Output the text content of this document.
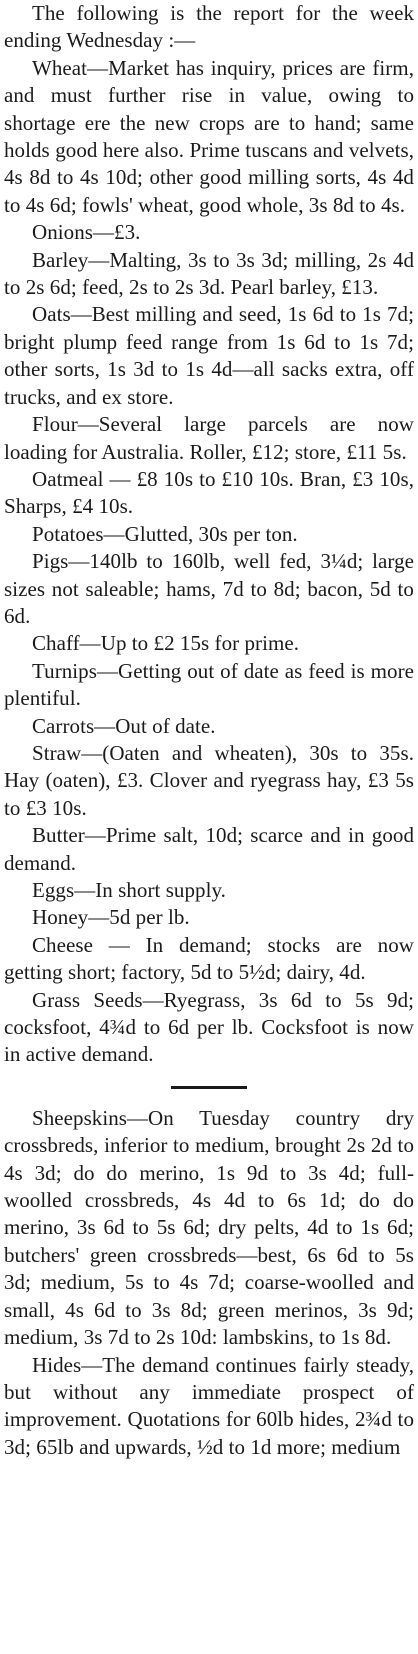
The following is the report for the week ending Wednesday :—

Wheat—Market has inquiry, prices are firm, and must further rise in value, owing to shortage ere the new crops are to hand; same holds good here also. Prime tuscans and velvets, 4s 8d to 4s 10d; other good milling sorts, 4s 4d to 4s 6d; fowls' wheat, good whole, 3s 8d to 4s.

Onions—£3.

Barley—Malting, 3s to 3s 3d; milling, 2s 4d to 2s 6d; feed, 2s to 2s 3d. Pearl barley, £13.

Oats—Best milling and seed, 1s 6d to 1s 7d; bright plump feed range from 1s 6d to 1s 7d; other sorts, 1s 3d to 1s 4d—all sacks extra, off trucks, and ex store.

Flour—Several large parcels are now loading for Australia. Roller, £12; store, £11 5s.

Oatmeal — £8 10s to £10 10s. Bran, £3 10s, Sharps, £4 10s.

Potatoes—Glutted, 30s per ton.

Pigs—140lb to 160lb, well fed, 3¼d; large sizes not saleable; hams, 7d to 8d; bacon, 5d to 6d.

Chaff—Up to £2 15s for prime.

Turnips—Getting out of date as feed is more plentiful.

Carrots—Out of date.

Straw—(Oaten and wheaten), 30s to 35s. Hay (oaten), £3. Clover and ryegrass hay, £3 5s to £3 10s.

Butter—Prime salt, 10d; scarce and in good demand.

Eggs—In short supply.

Honey—5d per lb.

Cheese — In demand; stocks are now getting short; factory, 5d to 5½d; dairy, 4d.

Grass Seeds—Ryegrass, 3s 6d to 5s 9d; cocksfoot, 4¾d to 6d per lb. Cocksfoot is now in active demand.

Sheepskins—On Tuesday country dry crossbreds, inferior to medium, brought 2s 2d to 4s 3d; do do merino, 1s 9d to 3s 4d; full-woolled crossbreds, 4s 4d to 6s 1d; do do merino, 3s 6d to 5s 6d; dry pelts, 4d to 1s 6d; butchers' green crossbreds—best, 6s 6d to 5s 3d; medium, 5s to 4s 7d; coarse-woolled and small, 4s 6d to 3s 8d; green merinos, 3s 9d; medium, 3s 7d to 2s 10d: lambskins, to 1s 8d.

Hides—The demand continues fairly steady, but without any immediate prospect of improvement. Quotations for 60lb hides, 2¾d to 3d; 65lb and upwards, ½d to 1d more; medium
